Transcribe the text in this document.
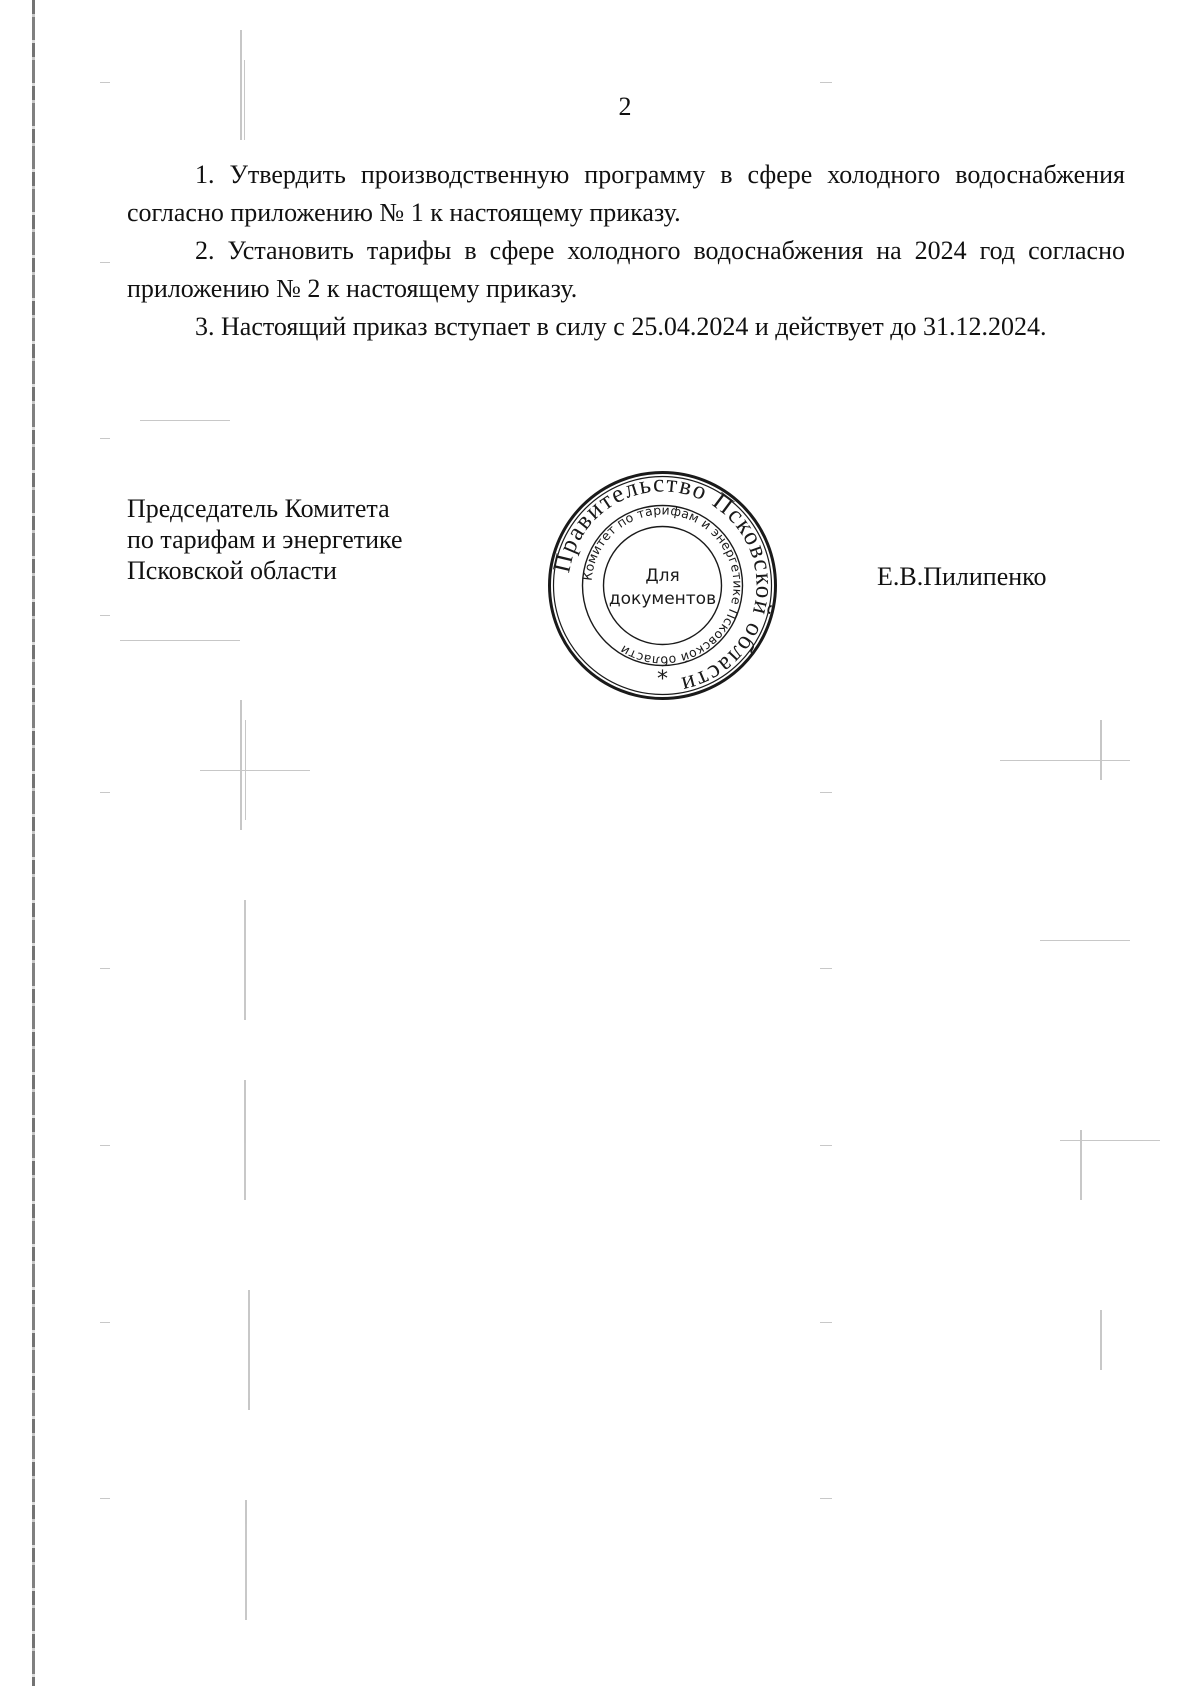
2

1. Утвердить производственную программу в сфере холодного водоснабжения согласно приложению № 1 к настоящему приказу.

2. Установить тарифы в сфере холодного водоснабжения на 2024 год согласно приложению № 2 к настоящему приказу.

3. Настоящий приказ вступает в силу с 25.04.2024 и действует до 31.12.2024.

Председатель Комитета
по тарифам и энергетике
Псковской области	Правительство Псковской области
Комитет по тарифам и энергетике Псковской области
Для
документов
*
Е.В.Пилипенко
